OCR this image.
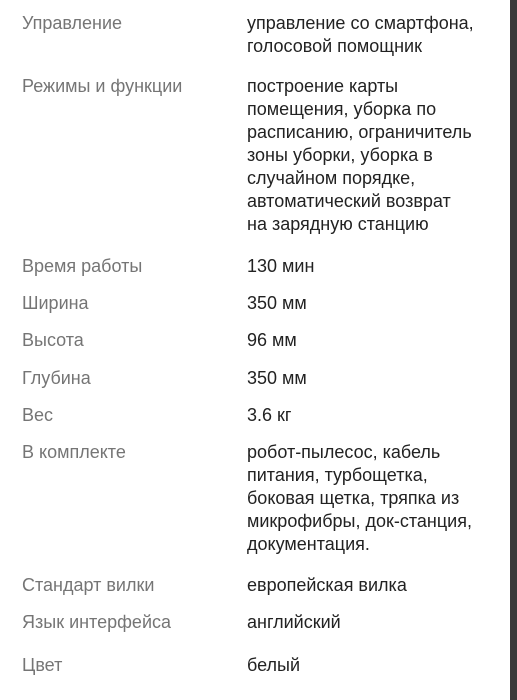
Управление	управление со смартфона,
голосовой помощник
Режимы и функции	построение карты
помещения, уборка по
расписанию, ограничитель
зоны уборки, уборка в
случайном порядке,
автоматический возврат
на зарядную станцию
Время работы	130 мин
Ширина	350 мм
Высота	96 мм
Глубина	350 мм
Вес	3.6 кг
В комплекте	робот-пылесос, кабель
питания, турбощетка,
боковая щетка, тряпка из
микрофибры, док-станция,
документация.
Стандарт вилки	европейская вилка
Язык интерфейса	английский
Цвет	белый
